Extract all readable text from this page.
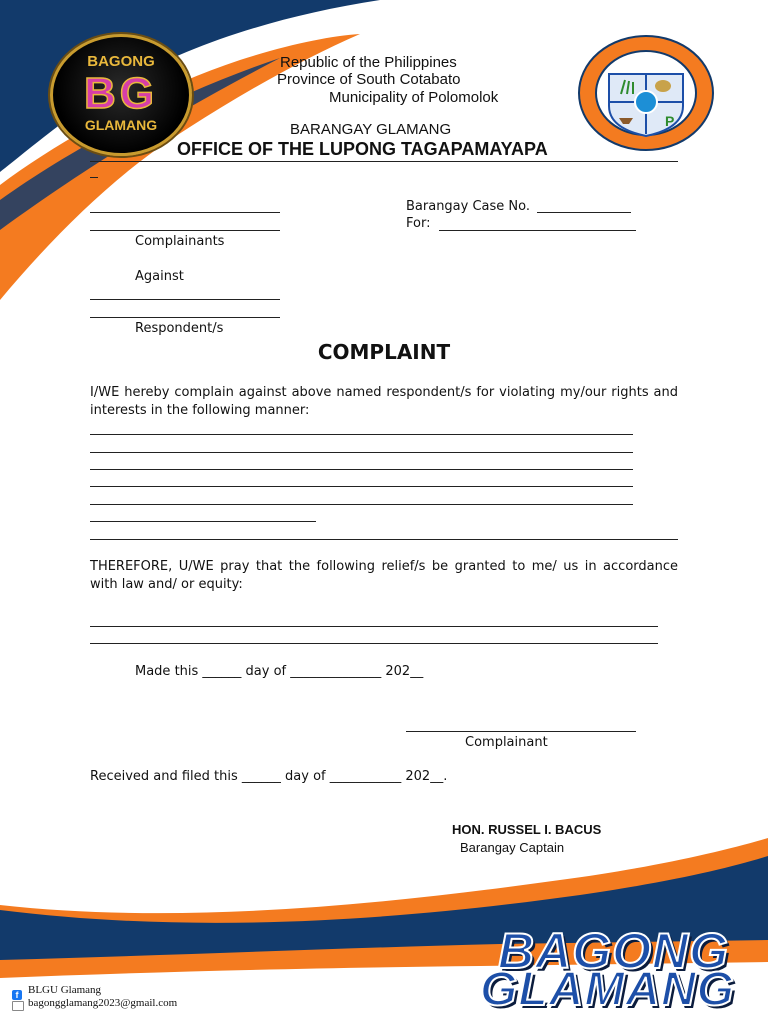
BAGONG
BG
GLAMANG	P
Republic of the Philippines
Province of South Cotabato
Municipality of Polomolok
BARANGAY GLAMANG
OFFICE OF THE LUPONG TAGAPAMAYAPA
Complainants
Against
Respondent/s
Barangay Case No.
For:
COMPLAINT
I/WE hereby complain against above named respondent/s for violating my/our rights and interests in the following manner:
THEREFORE, U/WE pray that the following relief/s be granted to me/ us in accordance with law and/ or equity:
Made this ______ day of ______________ 202__
Complainant
Received and filed this ______ day of ___________ 202__.
HON. RUSSEL I. BACUS
Barangay Captain
BAGONG
GLAMANG
f BLGU Glamang
bagongglamang2023@gmail.com
